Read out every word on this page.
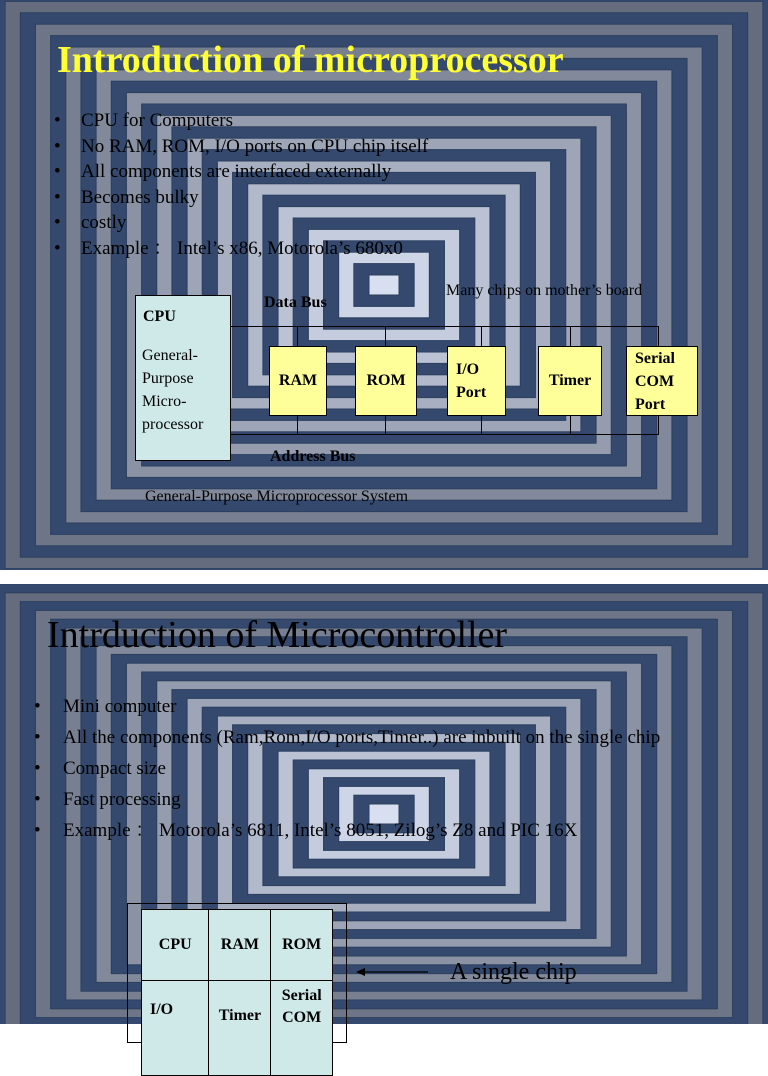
Introduction of microprocessor
• CPU for Computers
• No RAM, ROM, I/O ports on CPU chip itself
• All components are interfaced externally
• Becomes bulky
• costly
• Example ： Intel’s x86, Motorola’s 680x0
CPU
General-
Purpose
Micro-
processor
RAM	ROM
I/O
Port
Timer
Serial
COM
Port
Data Bus
Address Bus
Many chips on mother’s board
General-Purpose Microprocessor System
Intrduction of Microcontroller
• Mini computer
• All the components (Ram,Rom,I/O ports,Timer..) are inbuilt on the single chip
• Compact size
• Fast processing
• Example ： Motorola’s 6811, Intel’s 8051, Zilog’s Z8 and PIC 16X
CPU	RAM	ROM
I/O	Timer	Serial
COM
A single chip
